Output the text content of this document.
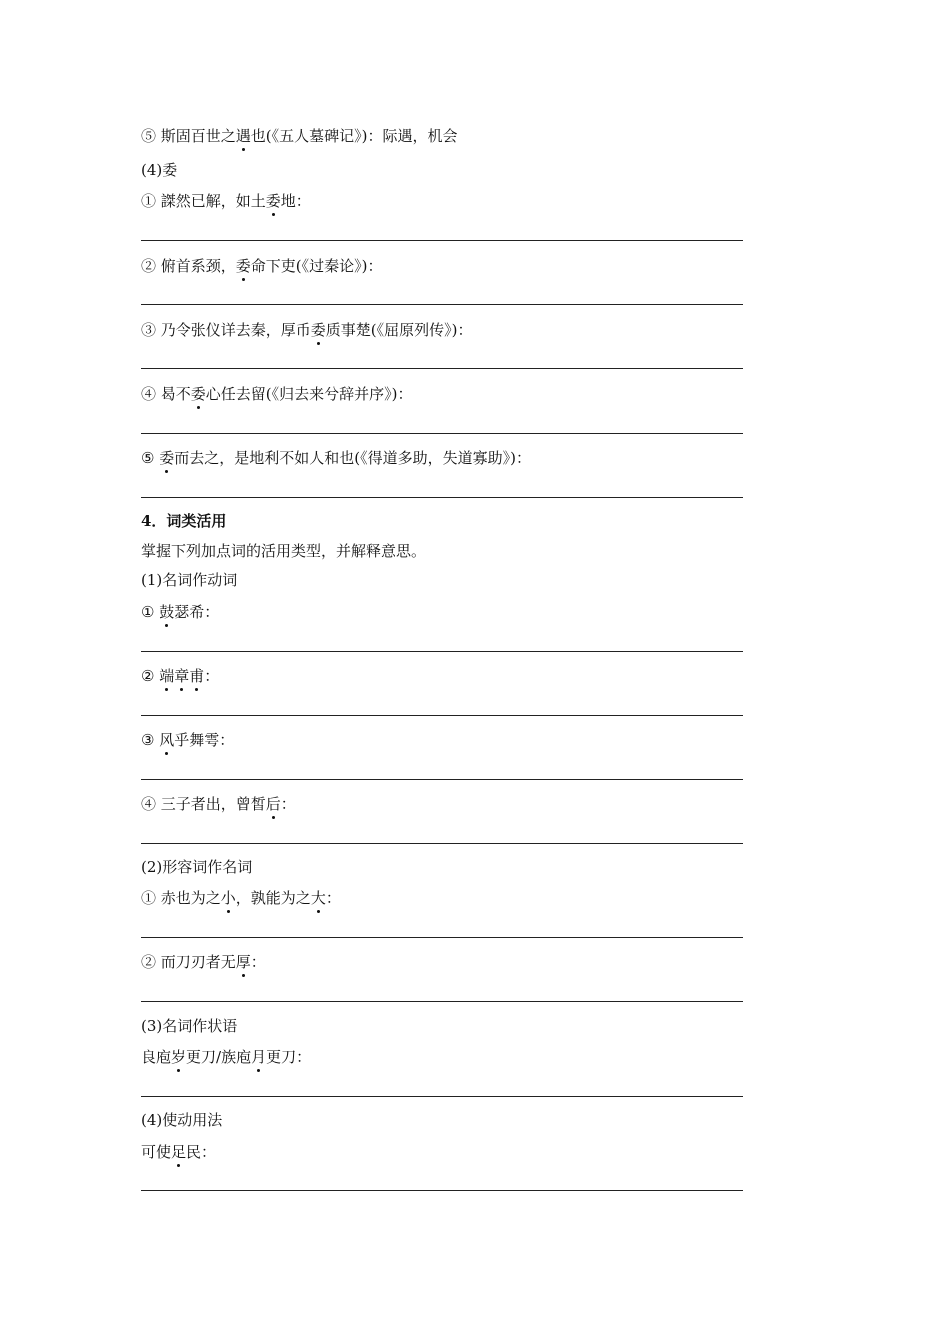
⑤ 斯固百世之遇也(《五人墓碑记》)：际遇，机会
(4)委
① 謋然已解，如土委地：
② 俯首系颈，委命下吏(《过秦论》)：
③ 乃令张仪详去秦，厚币委质事楚(《屈原列传》)：
④ 曷不委心任去留(《归去来兮辞并序》)：
⑤ 委而去之，是地利不如人和也(《得道多助，失道寡助》)：
4．词类活用
掌握下列加点词的活用类型，并解释意思。
(1)名词作动词
① 鼓瑟希：
② 端章甫：
③ 风乎舞雩：
④ 三子者出，曾皙后：
(2)形容词作名词
① 赤也为之小，孰能为之大：
② 而刀刃者无厚：
(3)名词作状语
良庖岁更刀/族庖月更刀：
(4)使动用法
可使足民：
